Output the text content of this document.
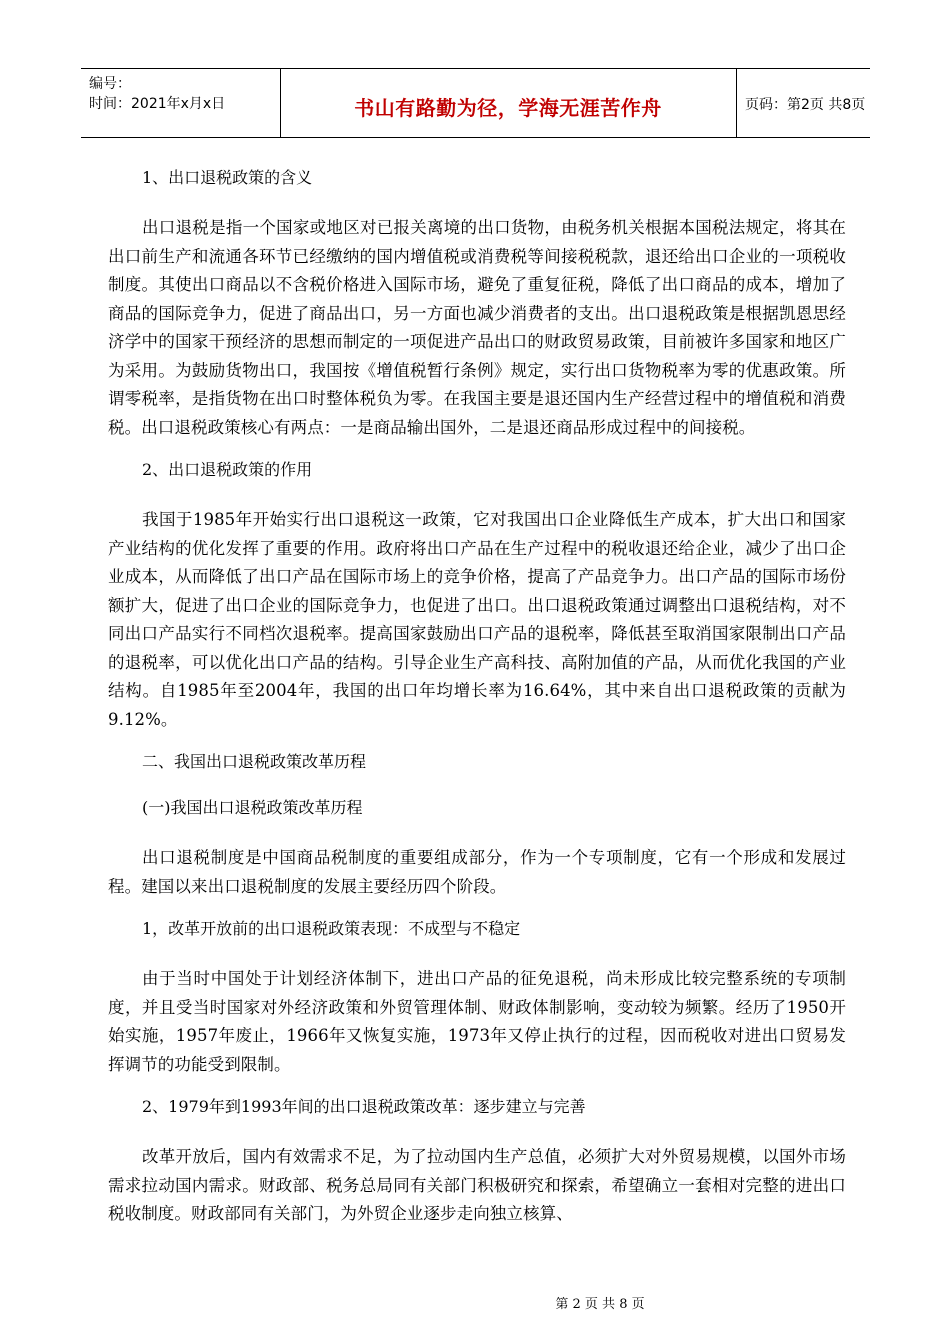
编号：
时间：2021年x月x日	书山有路勤为径，学海无涯苦作舟	页码：第2页 共8页
1、出口退税政策的含义

出口退税是指一个国家或地区对已报关离境的出口货物，由税务机关根据本国税法规定，将其在出口前生产和流通各环节已经缴纳的国内增值税或消费税等间接税税款，退还给出口企业的一项税收制度。其使出口商品以不含税价格进入国际市场，避免了重复征税，降低了出口商品的成本，增加了商品的国际竞争力，促进了商品出口，另一方面也减少消费者的支出。出口退税政策是根据凯恩思经济学中的国家干预经济的思想而制定的一项促进产品出口的财政贸易政策，目前被许多国家和地区广为采用。为鼓励货物出口，我国按《增值税暂行条例》规定，实行出口货物税率为零的优惠政策。所谓零税率，是指货物在出口时整体税负为零。在我国主要是退还国内生产经营过程中的增值税和消费税。出口退税政策核心有两点：一是商品输出国外，二是退还商品形成过程中的间接税。

2、出口退税政策的作用

我国于1985年开始实行出口退税这一政策，它对我国出口企业降低生产成本，扩大出口和国家产业结构的优化发挥了重要的作用。政府将出口产品在生产过程中的税收退还给企业，减少了出口企业成本，从而降低了出口产品在国际市场上的竞争价格，提高了产品竞争力。出口产品的国际市场份额扩大，促进了出口企业的国际竞争力，也促进了出口。出口退税政策通过调整出口退税结构，对不同出口产品实行不同档次退税率。提高国家鼓励出口产品的退税率，降低甚至取消国家限制出口产品的退税率，可以优化出口产品的结构。引导企业生产高科技、高附加值的产品，从而优化我国的产业结构。自1985年至2004年，我国的出口年均增长率为16.64%，其中来自出口退税政策的贡献为9.12%。

二、我国出口退税政策改革历程
(一)我国出口退税政策改革历程

出口退税制度是中国商品税制度的重要组成部分，作为一个专项制度，它有一个形成和发展过程。建国以来出口退税制度的发展主要经历四个阶段。

1，改革开放前的出口退税政策表现：不成型与不稳定

由于当时中国处于计划经济体制下，进出口产品的征免退税，尚未形成比较完整系统的专项制度，并且受当时国家对外经济政策和外贸管理体制、财政体制影响，变动较为频繁。经历了1950开始实施，1957年废止，1966年又恢复实施，1973年又停止执行的过程，因而税收对进出口贸易发挥调节的功能受到限制。

2、1979年到1993年间的出口退税政策改革：逐步建立与完善

改革开放后，国内有效需求不足，为了拉动国内生产总值，必须扩大对外贸易规模，以国外市场需求拉动国内需求。财政部、税务总局同有关部门积极研究和探索，希望确立一套相对完整的进出口税收制度。财政部同有关部门，为外贸企业逐步走向独立核算、

第 2 页 共 8 页
